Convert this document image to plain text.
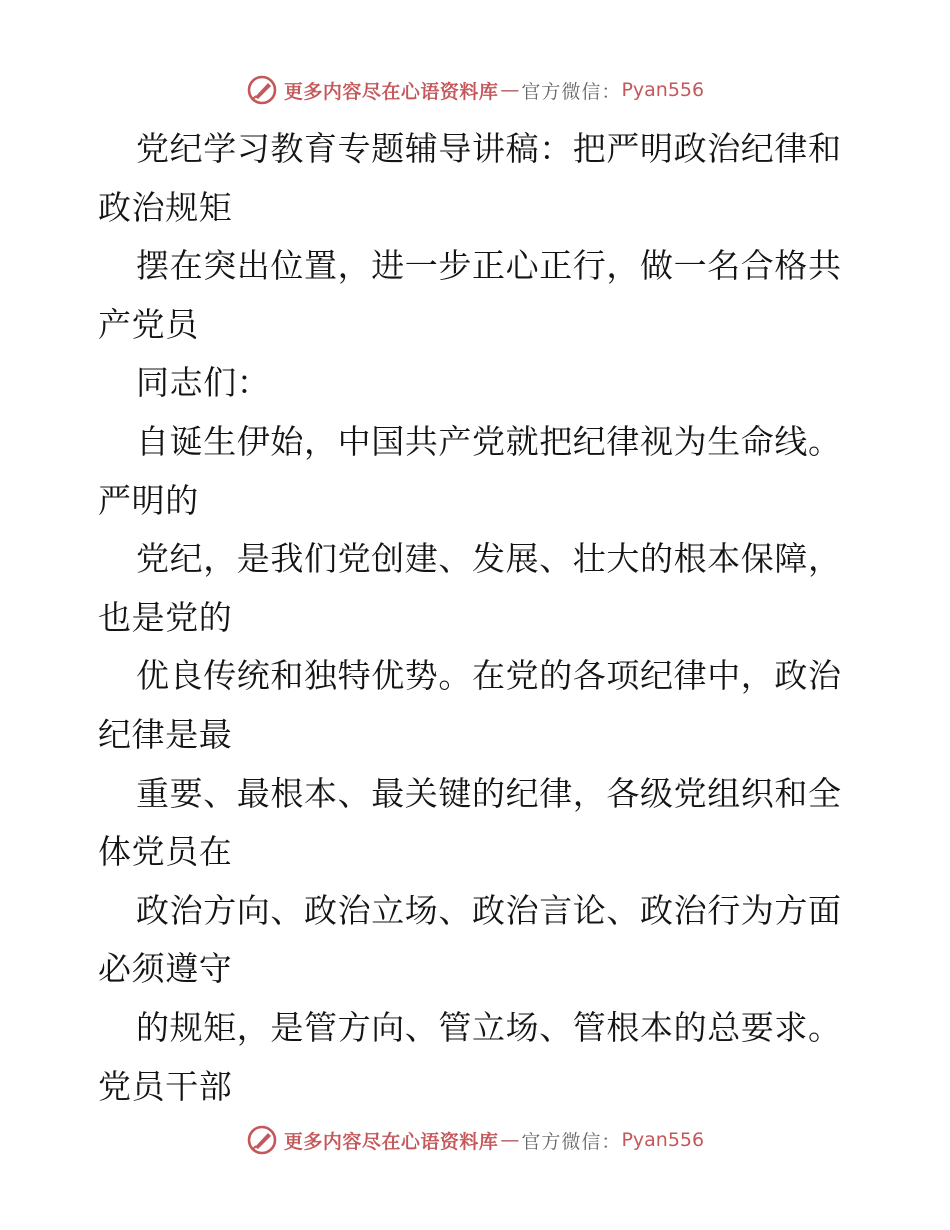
更多内容尽在心语资料库 — 官方微信： Pyan556
党纪学习教育专题辅导讲稿：把严明政治纪律和
政治规矩
摆在突出位置，进一步正心正行，做一名合格共
产党员
同志们：
自诞生伊始，中国共产党就把纪律视为生命线。
严明的
党纪，是我们党创建、发展、壮大的根本保障，
也是党的
优良传统和独特优势。在党的各项纪律中，政治
纪律是最
重要、最根本、最关键的纪律，各级党组织和全
体党员在
政治方向、政治立场、政治言论、政治行为方面
必须遵守
的规矩，是管方向、管立场、管根本的总要求。
党员干部
更多内容尽在心语资料库 — 官方微信： Pyan556
